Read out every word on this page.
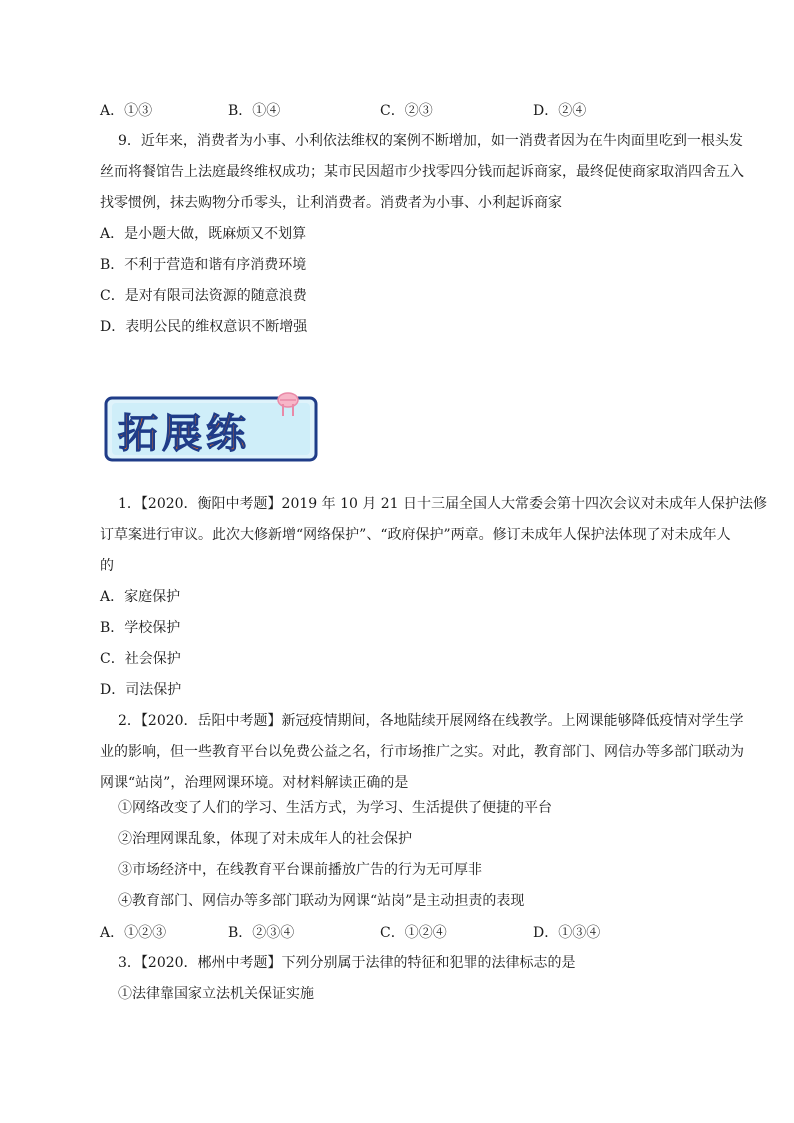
A．①③	B．①④	C．②③	D．②④
9．近年来，消费者为小事、小利依法维权的案例不断增加，如一消费者因为在牛肉面里吃到一根头发
丝而将餐馆告上法庭最终维权成功；某市民因超市少找零四分钱而起诉商家，最终促使商家取消四舍五入
找零惯例，抹去购物分币零头，让利消费者。消费者为小事、小利起诉商家
A．是小题大做，既麻烦又不划算
B．不利于营造和谐有序消费环境
C．是对有限司法资源的随意浪费
D．表明公民的维权意识不断增强
拓展练
1．【2020．衡阳中考题】2019 年 10 月 21 日十三届全国人大常委会第十四次会议对未成年人保护法修
订草案进行审议。此次大修新增“网络保护”、“政府保护”两章。修订未成年人保护法体现了对未成年人
的
A．家庭保护
B．学校保护
C．社会保护
D．司法保护
2．【2020．岳阳中考题】新冠疫情期间，各地陆续开展网络在线教学。上网课能够降低疫情对学生学
业的影响，但一些教育平台以免费公益之名，行市场推广之实。对此，教育部门、网信办等多部门联动为
网课“站岗”，治理网课环境。对材料解读正确的是
①网络改变了人们的学习、生活方式，为学习、生活提供了便捷的平台
②治理网课乱象，体现了对未成年人的社会保护
③市场经济中，在线教育平台课前播放广告的行为无可厚非
④教育部门、网信办等多部门联动为网课“站岗”是主动担责的表现
A．①②③	B．②③④	C．①②④	D．①③④
3．【2020．郴州中考题】下列分别属于法律的特征和犯罪的法律标志的是
①法律靠国家立法机关保证实施
